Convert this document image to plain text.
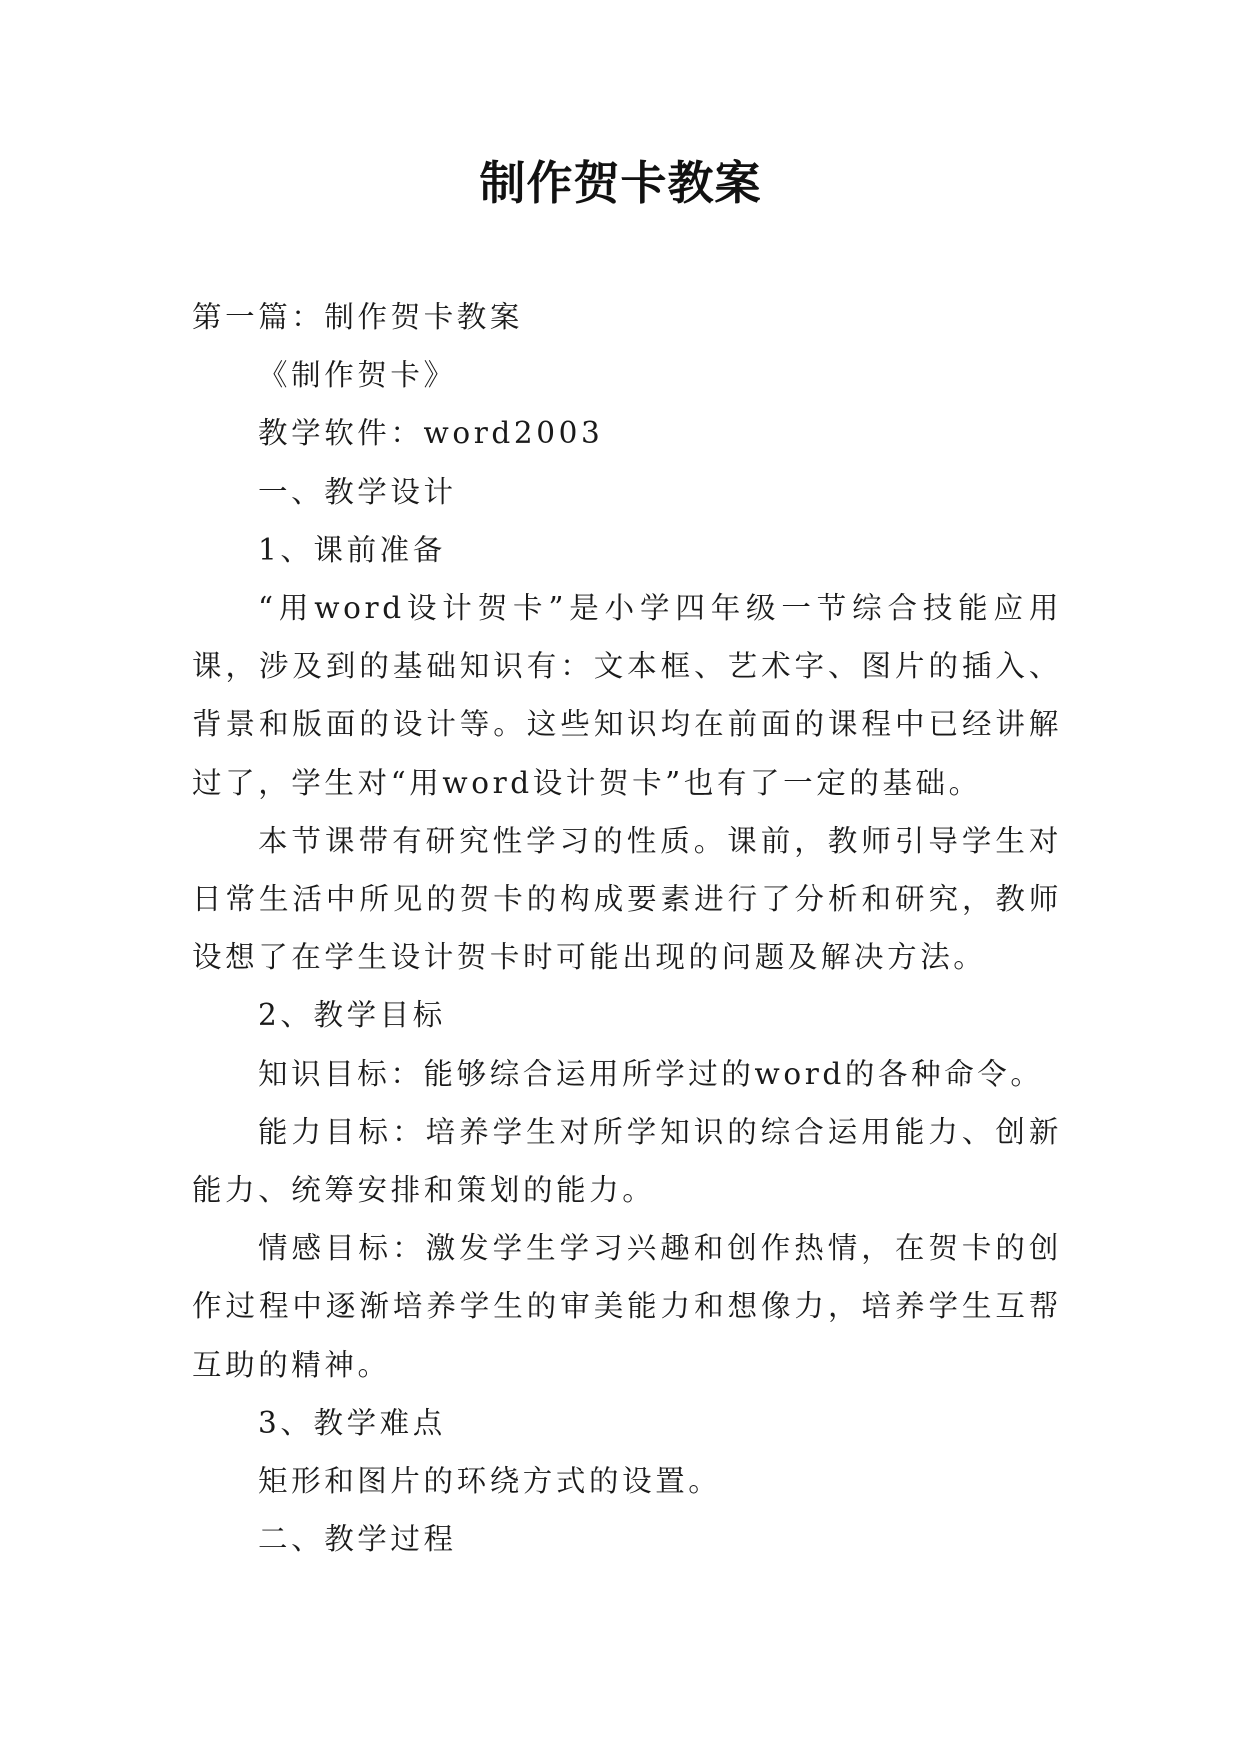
制作贺卡教案

第一篇：制作贺卡教案

《制作贺卡》

教学软件：word2003

一、教学设计

1、课前准备

“用word设计贺卡”是小学四年级一节综合技能应用课，涉及到的基础知识有：文本框、艺术字、图片的插入、背景和版面的设计等。这些知识均在前面的课程中已经讲解过了，学生对“用word设计贺卡”也有了一定的基础。

本节课带有研究性学习的性质。课前，教师引导学生对日常生活中所见的贺卡的构成要素进行了分析和研究，教师设想了在学生设计贺卡时可能出现的问题及解决方法。

2、教学目标

知识目标：能够综合运用所学过的word的各种命令。

能力目标：培养学生对所学知识的综合运用能力、创新能力、统筹安排和策划的能力。

情感目标：激发学生学习兴趣和创作热情，在贺卡的创作过程中逐渐培养学生的审美能力和想像力，培养学生互帮互助的精神。

3、教学难点

矩形和图片的环绕方式的设置。

二、教学过程
